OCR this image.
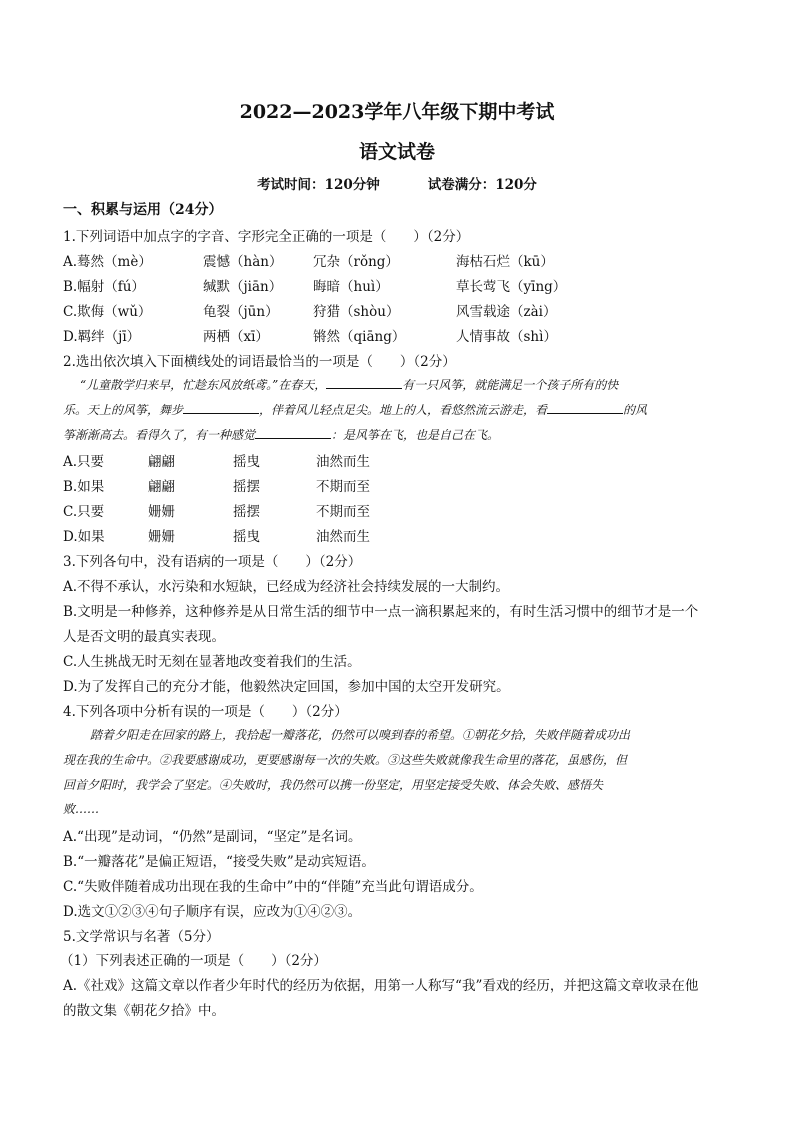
2022—2023学年八年级下期中考试
语文试卷
考试时间：120分钟	试卷满分：120分
一、积累与运用（24分）
1.下列词语中加点字的字音、字形完全正确的一项是（　　）（2分）
A.蓦然（mè）	震憾（hàn） 冗杂（rǒng）	海枯石烂（kū）
B.幅射（fú）	缄默（jiān） 晦暗（huì）	草长莺飞（yīng）
C.欺侮（wǔ）	龟裂（jūn）	狩猎（shòu）	风雪载途（zài）
D.羁绊（jī）	两栖（xī）	锵然（qiāng）	人情事故（shì）
2.选出依次填入下面横线处的词语最恰当的一项是（　　）（2分）
“儿童散学归来早，忙趁东风放纸鸢。”在春天，	有一只风筝，就能满足一个孩子所有的快
乐。天上的风筝，舞步	，伴着风儿轻点足尖。地上的人，看悠然流云游走，看	的风
筝渐渐高去。看得久了，有一种感觉	：是风筝在飞，也是自己在飞。
A.只要	翩翩	摇曳	油然而生
B.如果	翩翩	摇摆	不期而至
C.只要	姗姗	摇摆	不期而至
D.如果	姗姗	摇曳	油然而生
3.下列各句中，没有语病的一项是（　　）（2分）
A.不得不承认，水污染和水短缺，已经成为经济社会持续发展的一大制约。
B.文明是一种修养，这种修养是从日常生活的细节中一点一滴积累起来的，有时生活习惯中的细节才是一个
人是否文明的最真实表现。
C.人生挑战无时无刻在显著地改变着我们的生活。
D.为了发挥自己的充分才能，他毅然决定回国，参加中国的太空开发研究。
4.下列各项中分析有误的一项是（　　）（2分）
踏着夕阳走在回家的路上，我拾起一瓣落花，仍然可以嗅到春的希望。①朝花夕拾，失败伴随着成功出
现在我的生命中。②我要感谢成功，更要感谢每一次的失败。③这些失败就像我生命里的落花，虽感伤，但
回首夕阳时，我学会了坚定。④失败时，我仍然可以携一份坚定，用坚定接受失败、体会失败、感悟失
败……
A.“出现”是动词，“仍然”是副词，“坚定”是名词。
B.“一瓣落花”是偏正短语，“接受失败”是动宾短语。
C.“失败伴随着成功出现在我的生命中”中的“伴随”充当此句谓语成分。
D.选文①②③④句子顺序有误，应改为①④②③。
5.文学常识与名著（5分）
（1）下列表述正确的一项是（　　）（2分）
A.《社戏》这篇文章以作者少年时代的经历为依据，用第一人称写“我”看戏的经历，并把这篇文章收录在他
的散文集《朝花夕拾》中。
